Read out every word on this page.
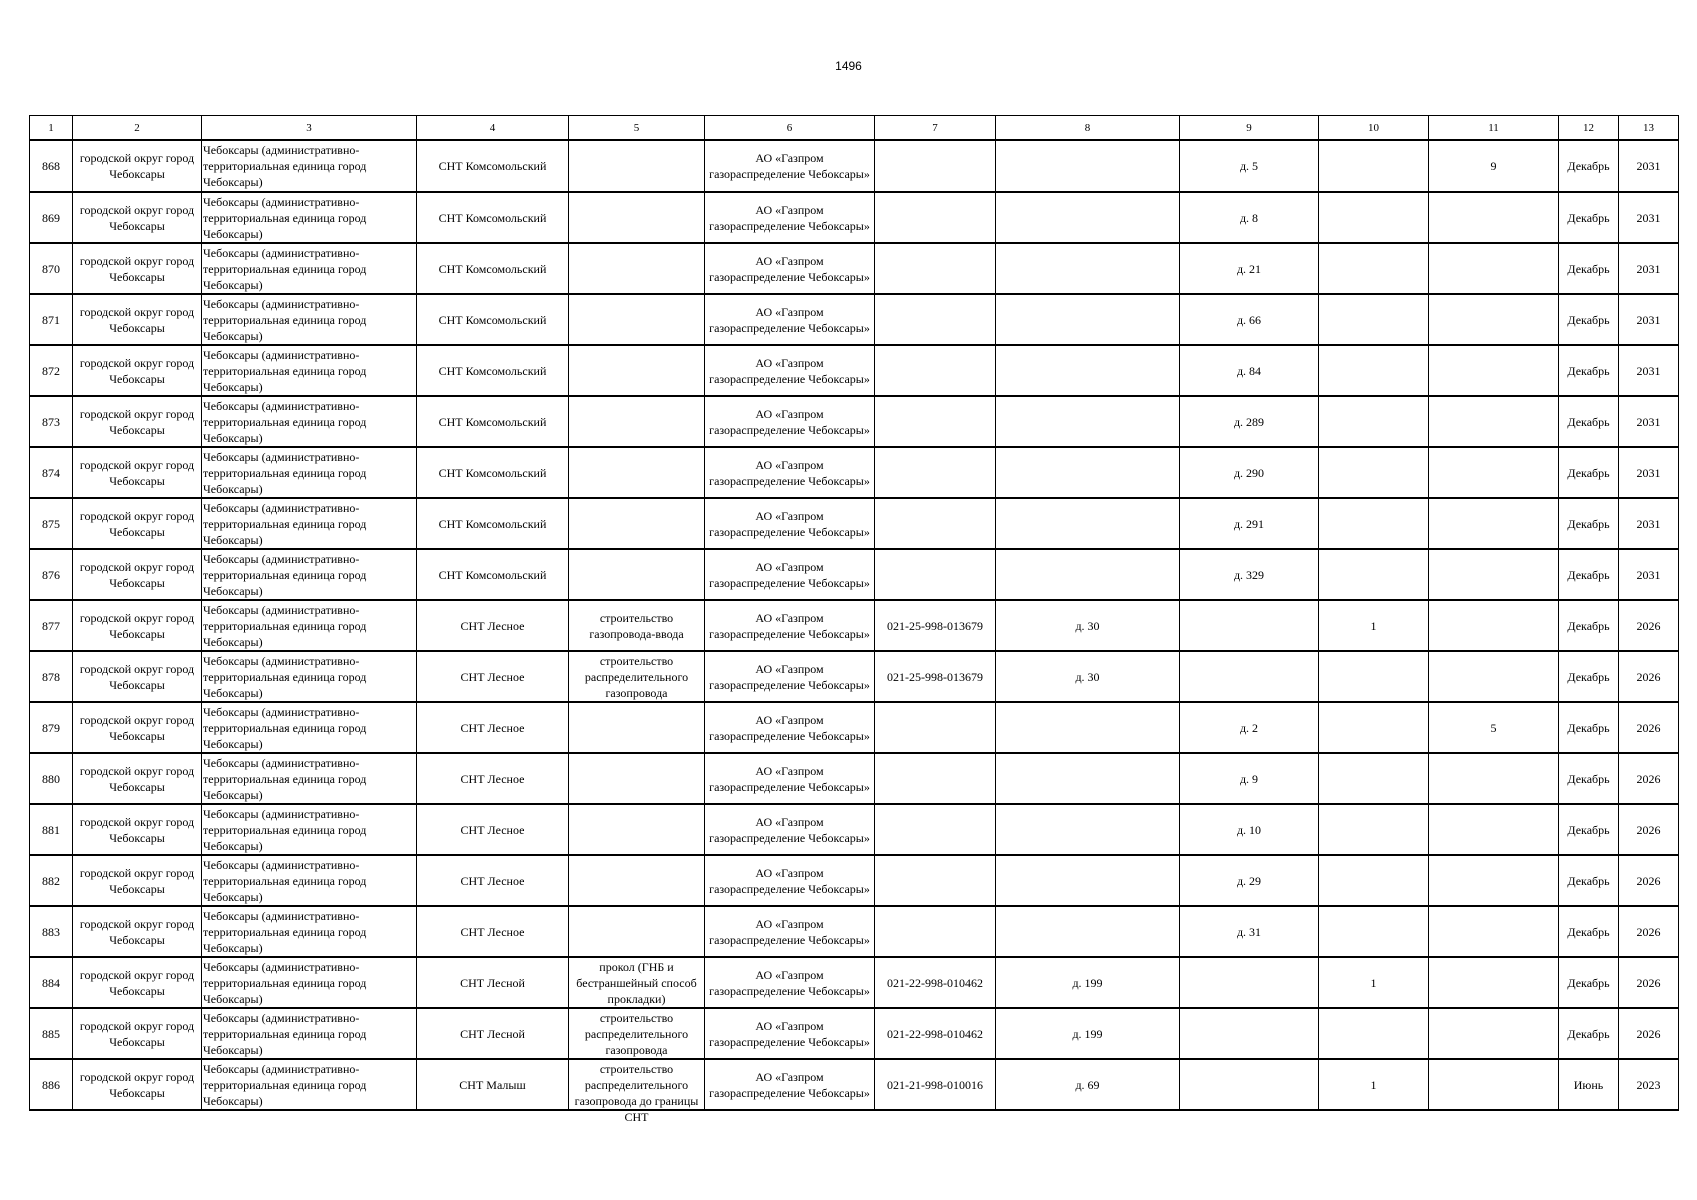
1496
1	2	3	4	5	6	7	8	9	10	11	12	13
868	городской округ город Чебоксары	Чебоксары (административно-территориальная единица город Чебоксары)	СНТ Комсомольский		АО «Газпром газораспределение Чебоксары»			д. 5		9	Декабрь	2031
869	городской округ город Чебоксары	Чебоксары (административно-территориальная единица город Чебоксары)	СНТ Комсомольский		АО «Газпром газораспределение Чебоксары»			д. 8			Декабрь	2031
870	городской округ город Чебоксары	Чебоксары (административно-территориальная единица город Чебоксары)	СНТ Комсомольский		АО «Газпром газораспределение Чебоксары»			д. 21			Декабрь	2031
871	городской округ город Чебоксары	Чебоксары (административно-территориальная единица город Чебоксары)	СНТ Комсомольский		АО «Газпром газораспределение Чебоксары»			д. 66			Декабрь	2031
872	городской округ город Чебоксары	Чебоксары (административно-территориальная единица город Чебоксары)	СНТ Комсомольский		АО «Газпром газораспределение Чебоксары»			д. 84			Декабрь	2031
873	городской округ город Чебоксары	Чебоксары (административно-территориальная единица город Чебоксары)	СНТ Комсомольский		АО «Газпром газораспределение Чебоксары»			д. 289			Декабрь	2031
874	городской округ город Чебоксары	Чебоксары (административно-территориальная единица город Чебоксары)	СНТ Комсомольский		АО «Газпром газораспределение Чебоксары»			д. 290			Декабрь	2031
875	городской округ город Чебоксары	Чебоксары (административно-территориальная единица город Чебоксары)	СНТ Комсомольский		АО «Газпром газораспределение Чебоксары»			д. 291			Декабрь	2031
876	городской округ город Чебоксары	Чебоксары (административно-территориальная единица город Чебоксары)	СНТ Комсомольский		АО «Газпром газораспределение Чебоксары»			д. 329			Декабрь	2031
877	городской округ город Чебоксары	Чебоксары (административно-территориальная единица город Чебоксары)	СНТ Лесное	строительство газопровода-ввода	АО «Газпром газораспределение Чебоксары»	021-25-998-013679	д. 30		1		Декабрь	2026
878	городской округ город Чебоксары	Чебоксары (административно-территориальная единица город Чебоксары)	СНТ Лесное	строительство распределительного газопровода	АО «Газпром газораспределение Чебоксары»	021-25-998-013679	д. 30				Декабрь	2026
879	городской округ город Чебоксары	Чебоксары (административно-территориальная единица город Чебоксары)	СНТ Лесное		АО «Газпром газораспределение Чебоксары»			д. 2		5	Декабрь	2026
880	городской округ город Чебоксары	Чебоксары (административно-территориальная единица город Чебоксары)	СНТ Лесное		АО «Газпром газораспределение Чебоксары»			д. 9			Декабрь	2026
881	городской округ город Чебоксары	Чебоксары (административно-территориальная единица город Чебоксары)	СНТ Лесное		АО «Газпром газораспределение Чебоксары»			д. 10			Декабрь	2026
882	городской округ город Чебоксары	Чебоксары (административно-территориальная единица город Чебоксары)	СНТ Лесное		АО «Газпром газораспределение Чебоксары»			д. 29			Декабрь	2026
883	городской округ город Чебоксары	Чебоксары (административно-территориальная единица город Чебоксары)	СНТ Лесное		АО «Газпром газораспределение Чебоксары»			д. 31			Декабрь	2026
884	городской округ город Чебоксары	Чебоксары (административно-территориальная единица город Чебоксары)	СНТ Лесной	прокол (ГНБ и бестраншейный способ прокладки)	АО «Газпром газораспределение Чебоксары»	021-22-998-010462	д. 199		1		Декабрь	2026
885	городской округ город Чебоксары	Чебоксары (административно-территориальная единица город Чебоксары)	СНТ Лесной	строительство распределительного газопровода	АО «Газпром газораспределение Чебоксары»	021-22-998-010462	д. 199				Декабрь	2026
886	городской округ город Чебоксары	Чебоксары (административно-территориальная единица город Чебоксары)	СНТ Малыш	строительство распределительного газопровода до границы СНТ	АО «Газпром газораспределение Чебоксары»	021-21-998-010016	д. 69		1		Июнь	2023
